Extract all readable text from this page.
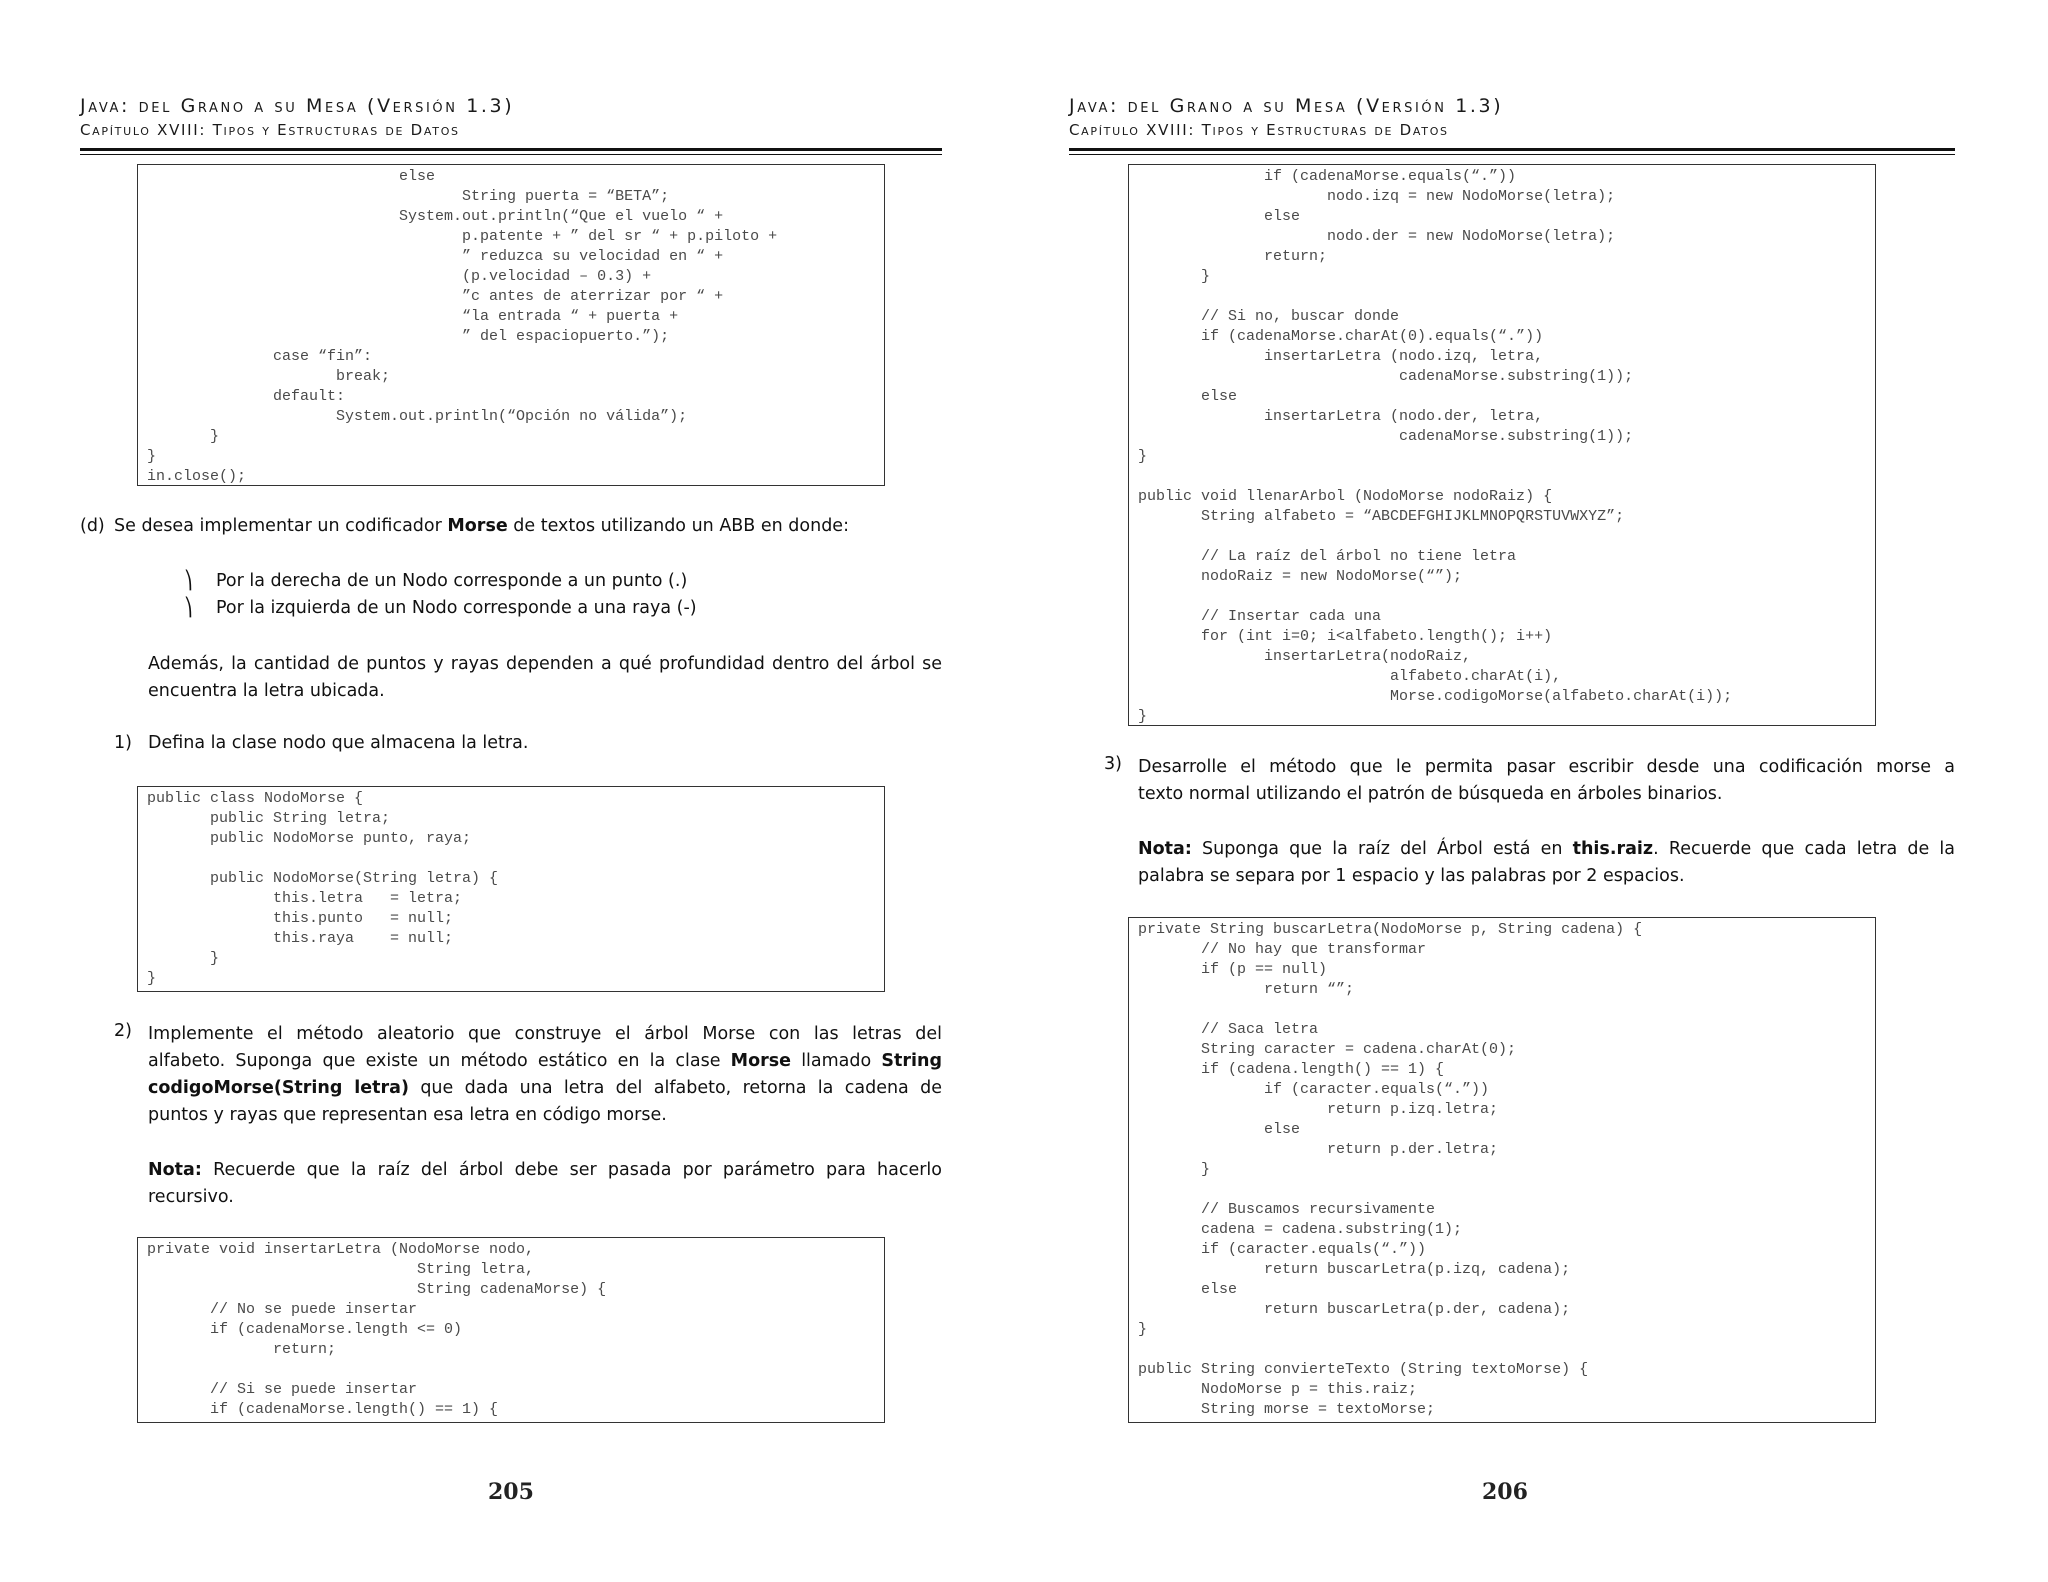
Java: del Grano a su Mesa (Versión 1.3)
Capítulo XVIII: Tipos y Estructuras de Datos
else
String puerta = “BETA”;
System.out.println(“Que el vuelo “ +
p.patente + ” del sr “ + p.piloto +
” reduzca su velocidad en “ +
(p.velocidad – 0.3) +
”c antes de aterrizar por “ +
“la entrada “ + puerta +
” del espaciopuerto.”);
case “fin”:
break;
default:
System.out.println(“Opción no válida”);
}
}
in.close();
(d) Se desea implementar un codificador Morse de textos utilizando un ABB en donde:
⎞ Por la derecha de un Nodo corresponde a un punto (.)
⎞ Por la izquierda de un Nodo corresponde a una raya (-)
Además, la cantidad de puntos y rayas dependen a qué profundidad dentro del árbol se
encuentra la letra ubicada.
1) Defina la clase nodo que almacena la letra.
public class NodoMorse {
public String letra;
public NodoMorse punto, raya;

public NodoMorse(String letra) {
this.letra   = letra;
this.punto   = null;
this.raya    = null;
}
}
2) Implemente el método aleatorio que construye el árbol Morse con las letras del
alfabeto. Suponga que existe un método estático en la clase Morse llamado String
codigoMorse(String letra) que dada una letra del alfabeto, retorna la cadena de
puntos y rayas que representan esa letra en código morse.
Nota: Recuerde que la raíz del árbol debe ser pasada por parámetro para hacerlo
recursivo.
private void insertarLetra (NodoMorse nodo,
String letra,
String cadenaMorse) {
// No se puede insertar
if (cadenaMorse.length <= 0)
return;

// Si se puede insertar
if (cadenaMorse.length() == 1) {
205
Java: del Grano a su Mesa (Versión 1.3)
Capítulo XVIII: Tipos y Estructuras de Datos
if (cadenaMorse.equals(“.”))
nodo.izq = new NodoMorse(letra);
else
nodo.der = new NodoMorse(letra);
return;
}

// Si no, buscar donde
if (cadenaMorse.charAt(0).equals(“.”))
insertarLetra (nodo.izq, letra,
cadenaMorse.substring(1));
else
insertarLetra (nodo.der, letra,
cadenaMorse.substring(1));
}

public void llenarArbol (NodoMorse nodoRaiz) {
String alfabeto = “ABCDEFGHIJKLMNOPQRSTUVWXYZ”;

// La raíz del árbol no tiene letra
nodoRaiz = new NodoMorse(“”);

// Insertar cada una
for (int i=0; i<alfabeto.length(); i++)
insertarLetra(nodoRaiz,
alfabeto.charAt(i),
Morse.codigoMorse(alfabeto.charAt(i));
}
3) Desarrolle el método que le permita pasar escribir desde una codificación morse a
texto normal utilizando el patrón de búsqueda en árboles binarios.
Nota: Suponga que la raíz del Árbol está en this.raiz. Recuerde que cada letra de la
palabra se separa por 1 espacio y las palabras por 2 espacios.
private String buscarLetra(NodoMorse p, String cadena) {
// No hay que transformar
if (p == null)
return “”;

// Saca letra
String caracter = cadena.charAt(0);
if (cadena.length() == 1) {
if (caracter.equals(“.”))
return p.izq.letra;
else
return p.der.letra;
}

// Buscamos recursivamente
cadena = cadena.substring(1);
if (caracter.equals(“.”))
return buscarLetra(p.izq, cadena);
else
return buscarLetra(p.der, cadena);
}

public String convierteTexto (String textoMorse) {
NodoMorse p = this.raiz;
String morse = textoMorse;
206
